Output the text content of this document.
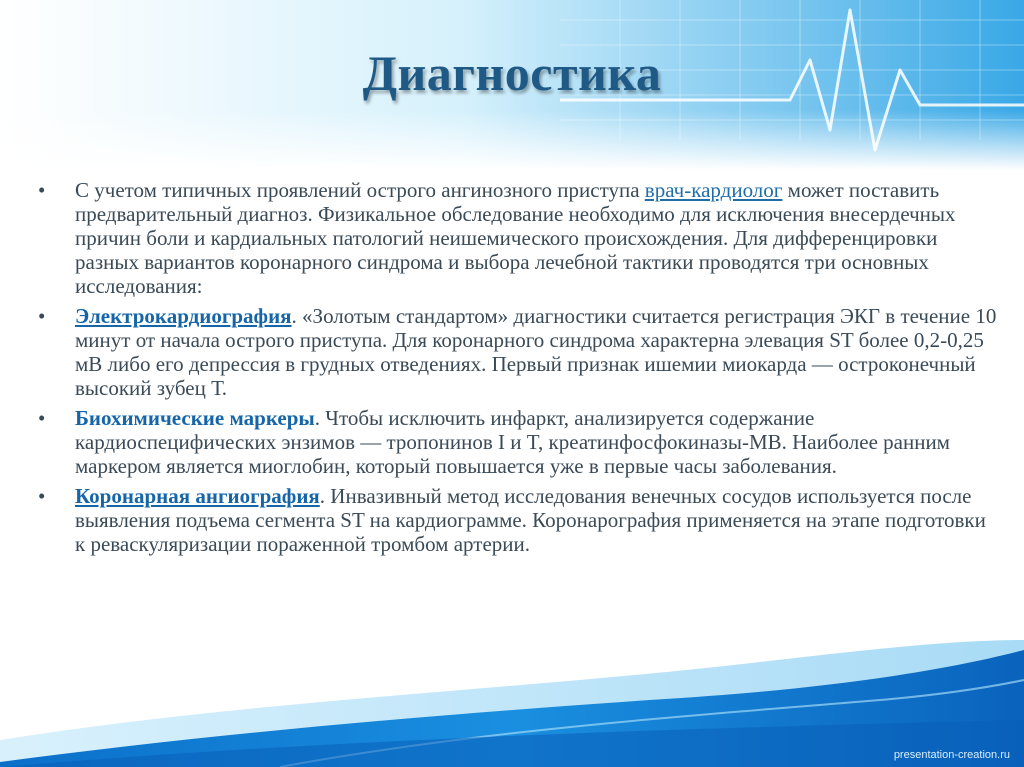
Диагностика
•	С учетом типичных проявлений острого ангинозного приступа врач-кардиолог может поставить предварительный диагноз. Физикальное обследование необходимо для исключения внесердечных причин боли и кардиальных патологий неишемического происхождения. Для дифференцировки разных вариантов коронарного синдрома и выбора лечебной тактики проводятся три основных исследования:
•	Электрокардиография. «Золотым стандартом» диагностики считается регистрация ЭКГ в течение 10 минут от начала острого приступа. Для коронарного синдрома характерна элевация ST более 0,2-0,25 мВ либо его депрессия в грудных отведениях. Первый признак ишемии миокарда — остроконечный высокий зубец Т.
•	Биохимические маркеры. Чтобы исключить инфаркт, анализируется содержание кардиоспецифических энзимов — тропонинов I и T, креатинфосфокиназы-MB. Наиболее ранним маркером является миоглобин, который повышается уже в первые часы заболевания.
•	Коронарная ангиография. Инвазивный метод исследования венечных сосудов используется после выявления подъема сегмента ST на кардиограмме. Коронарография применяется на этапе подготовки к реваскуляризации пораженной тромбом артерии.
presentation-creation.ru
